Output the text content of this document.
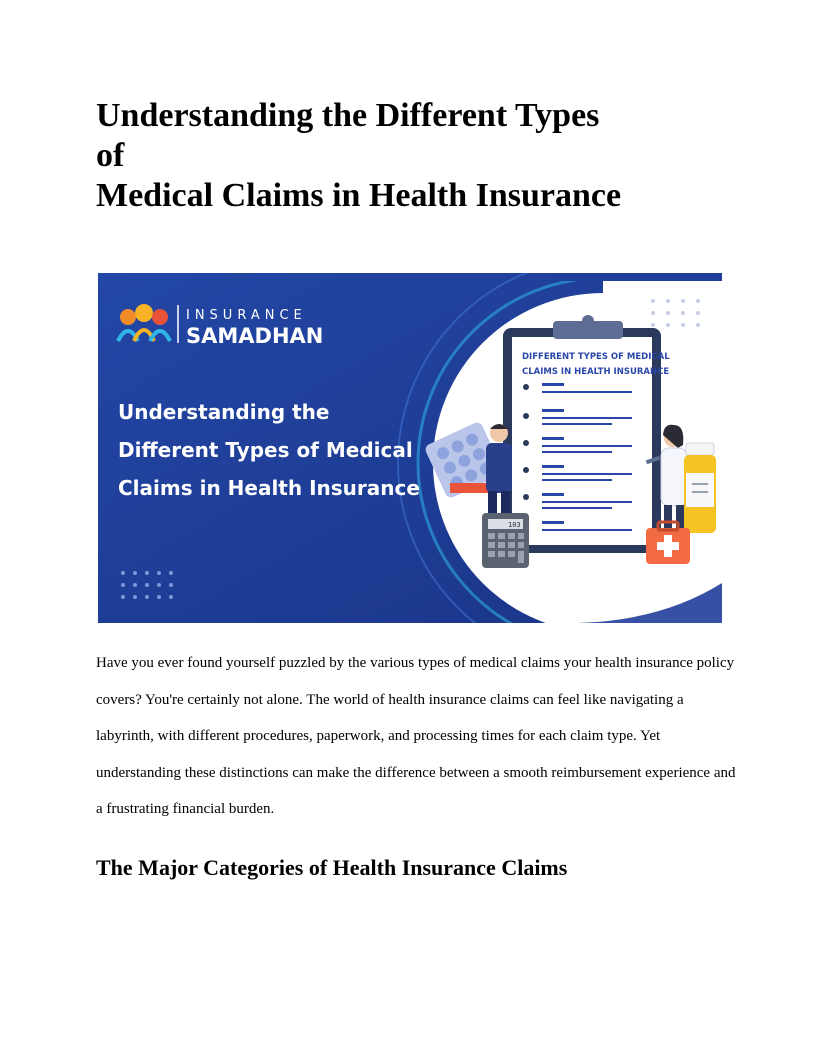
Understanding the Different Types
of
Medical Claims in Health Insurance
INSURANCE
SAMADHAN
Understanding the
Different Types of Medical
Claims in Health Insurance
DIFFERENT TYPES OF MEDICAL
CLAIMS IN HEALTH INSURANCE
103

Have you ever found yourself puzzled by the various types of medical claims your health insurance policy covers? You're certainly not alone. The world of health insurance claims can feel like navigating a labyrinth, with different procedures, paperwork, and processing times for each claim type. Yet understanding these distinctions can make the difference between a smooth reimbursement experience and a frustrating financial burden.

The Major Categories of Health Insurance Claims
